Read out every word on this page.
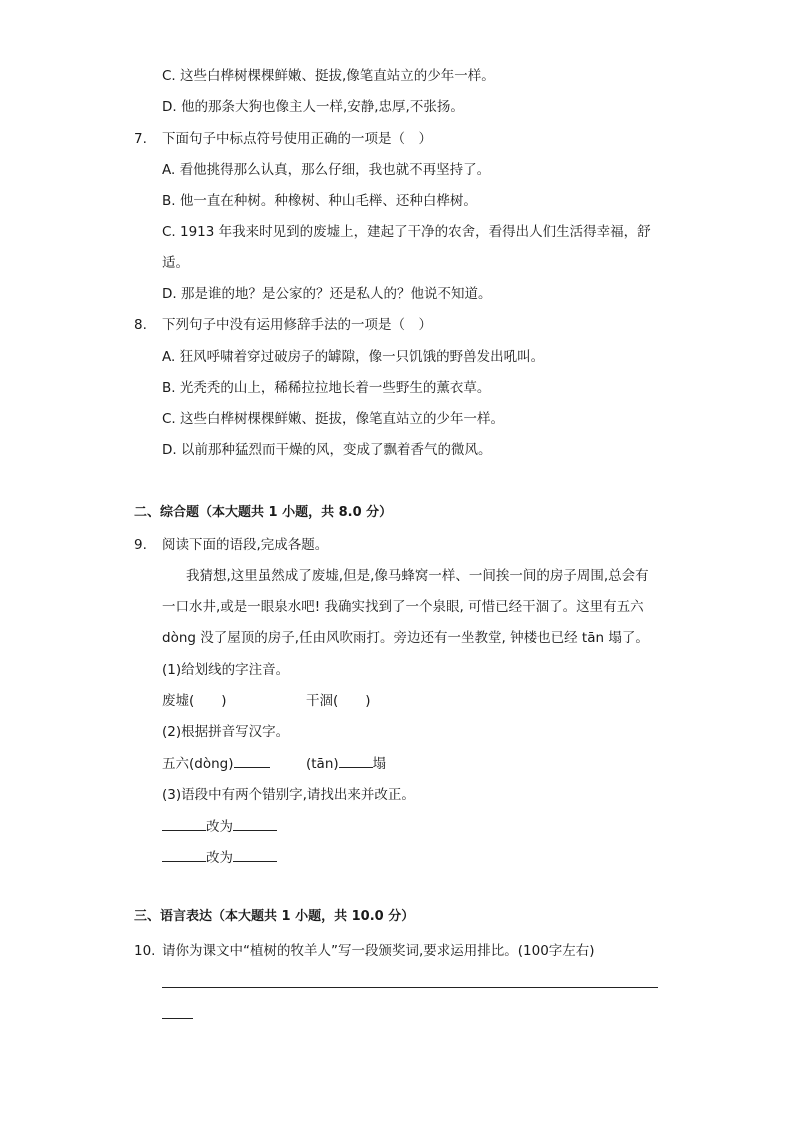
C. 这些白桦树棵棵鲜嫩、挺拔,像笔直站立的少年一样。
D. 他的那条大狗也像主人一样,安静,忠厚,不张扬。
7. 下面句子中标点符号使用正确的一项是（　）
A. 看他挑得那么认真，那么仔细，我也就不再坚持了。
B. 他一直在种树。种橡树、种山毛榉、还种白桦树。
C. 1913 年我来时见到的废墟上，建起了干净的农舍，看得出人们生活得幸福，舒
适。
D. 那是谁的地？是公家的？还是私人的？他说不知道。
8. 下列句子中没有运用修辞手法的一项是（　）
A. 狂风呼啸着穿过破房子的罅隙，像一只饥饿的野兽发出吼叫。
B. 光秃秃的山上，稀稀拉拉地长着一些野生的薰衣草。
C. 这些白桦树棵棵鲜嫩、挺拔，像笔直站立的少年一样。
D. 以前那种猛烈而干燥的风，变成了飘着香气的微风。
二、综合题（本大题共 1 小题，共 8.0 分）
9. 阅读下面的语段,完成各题。
我猜想,这里虽然成了废墟,但是,像马蜂窝一样、一间挨一间的房子周围,总会有
一口水井,或是一眼泉水吧! 我确实找到了一个泉眼, 可惜已经干涸了。这里有五六
dòng 没了屋顶的房子,任由风吹雨打。旁边还有一坐教堂, 钟楼也已经 tān 塌了。
(1)给划线的字注音。
废墟(　　)	干涸(　　)
(2)根据拼音写汉字。
五六(dòng)	(tān)	塌
(3)语段中有两个错别字,请找出来并改正。
改为
改为
三、语言表达（本大题共 1 小题，共 10.0 分）
10. 请你为课文中“植树的牧羊人”写一段颁奖词,要求运用排比。(100字左右)
